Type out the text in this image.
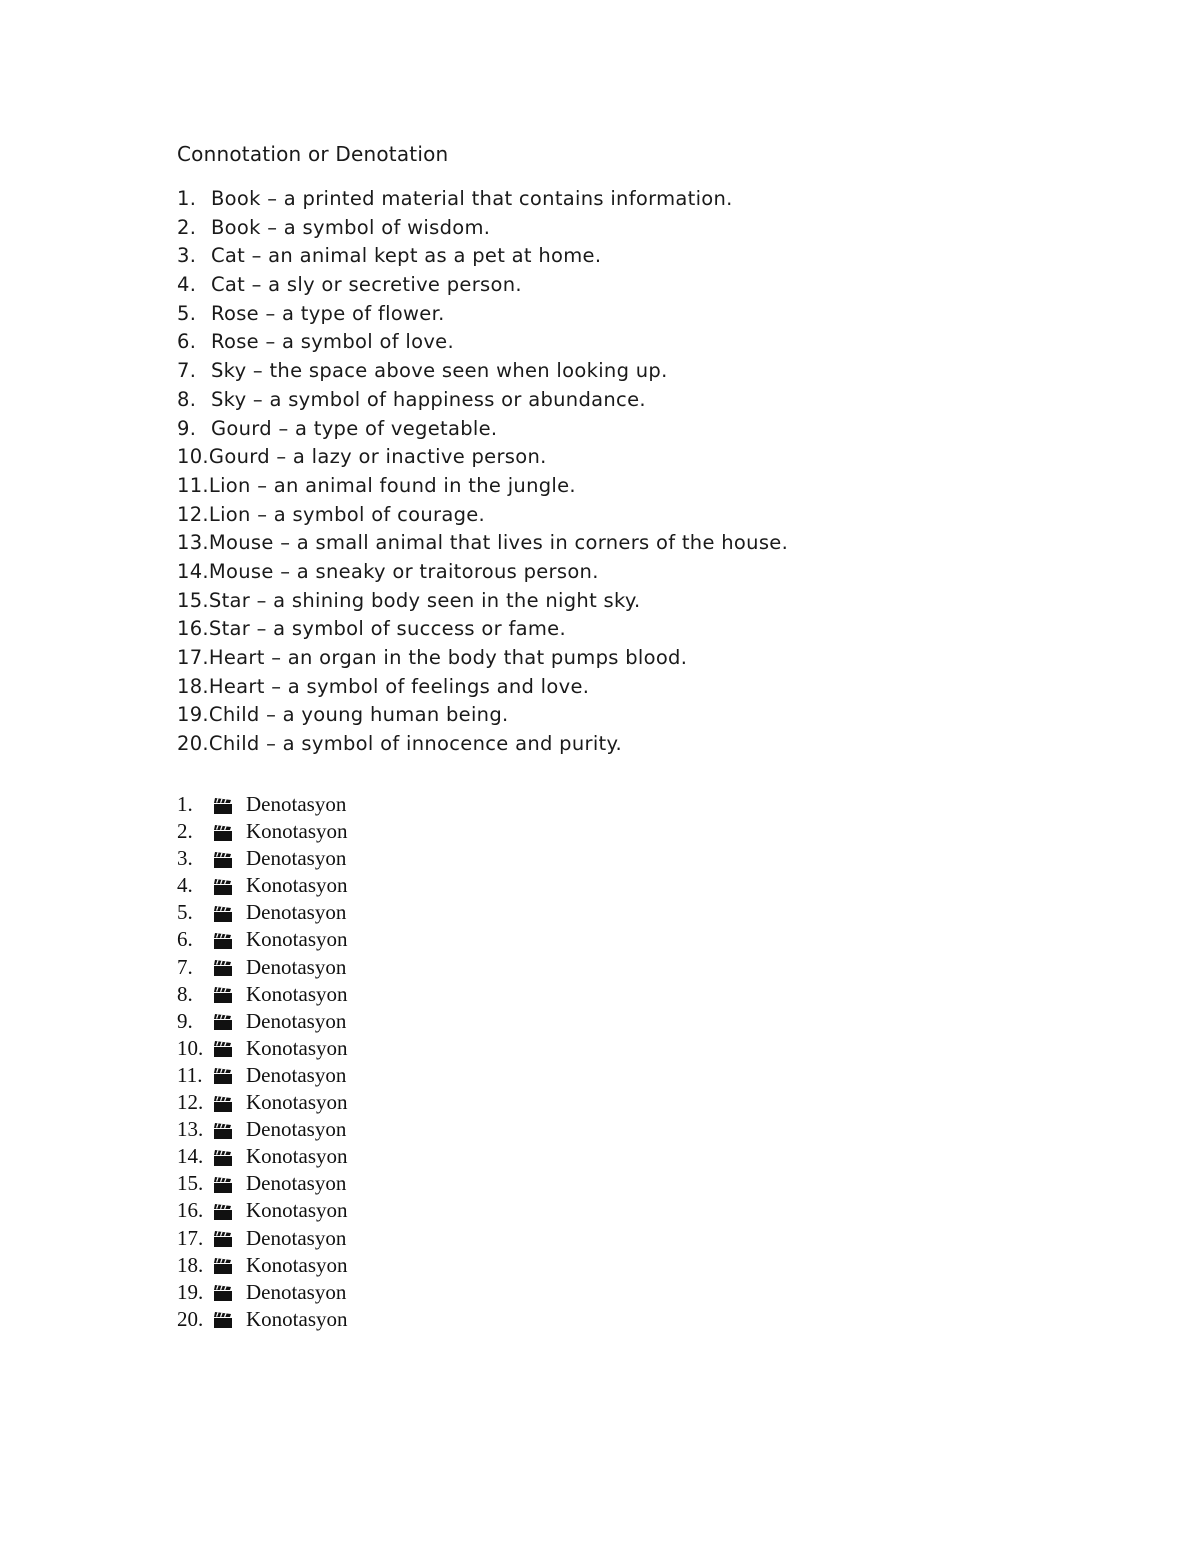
Connotation or Denotation
1. Book – a printed material that contains information.
2. Book – a symbol of wisdom.
3. Cat – an animal kept as a pet at home.
4. Cat – a sly or secretive person.
5. Rose – a type of flower.
6. Rose – a symbol of love.
7. Sky – the space above seen when looking up.
8. Sky – a symbol of happiness or abundance.
9. Gourd – a type of vegetable.
10. Gourd – a lazy or inactive person.
11. Lion – an animal found in the jungle.
12. Lion – a symbol of courage.
13. Mouse – a small animal that lives in corners of the house.
14. Mouse – a sneaky or traitorous person.
15. Star – a shining body seen in the night sky.
16. Star – a symbol of success or fame.
17. Heart – an organ in the body that pumps blood.
18. Heart – a symbol of feelings and love.
19. Child – a young human being.
20. Child – a symbol of innocence and purity.
1.	Denotasyon
2.	Konotasyon
3.	Denotasyon
4.	Konotasyon
5.	Denotasyon
6.	Konotasyon
7.	Denotasyon
8.	Konotasyon
9.	Denotasyon
10.	Konotasyon
11.	Denotasyon
12.	Konotasyon
13.	Denotasyon
14.	Konotasyon
15.	Denotasyon
16.	Konotasyon
17.	Denotasyon
18.	Konotasyon
19.	Denotasyon
20.	Konotasyon
